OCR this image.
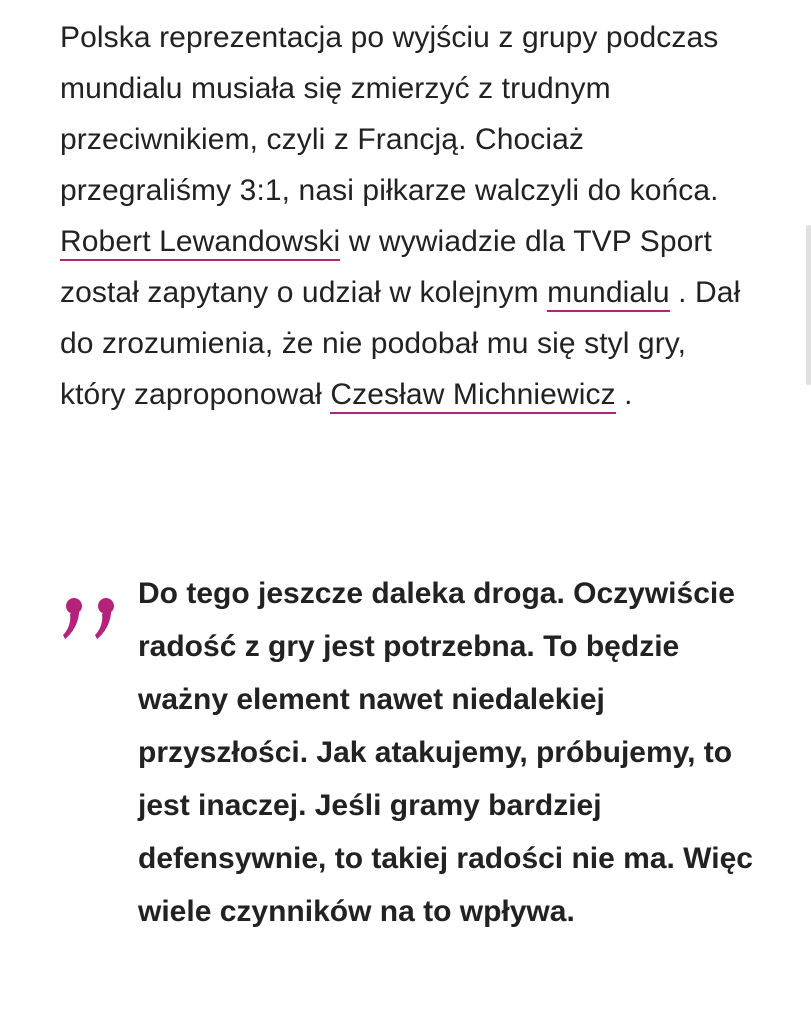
Polska reprezentacja po wyjściu z grupy podczas mundialu musiała się zmierzyć z trudnym przeciwnikiem, czyli z Francją. Chociaż przegraliśmy 3:1, nasi piłkarze walczyli do końca. Robert Lewandowski w wywiadzie dla TVP Sport został zapytany o udział w kolejnym mundialu . Dał do zrozumienia, że nie podobał mu się styl gry, który zaproponował Czesław Michniewicz .

Do tego jeszcze daleka droga. Oczywiście radość z gry jest potrzebna. To będzie ważny element nawet niedalekiej przyszłości. Jak atakujemy, próbujemy, to jest inaczej. Jeśli gramy bardziej defensywnie, to takiej radości nie ma. Więc wiele czynników na to wpływa.
